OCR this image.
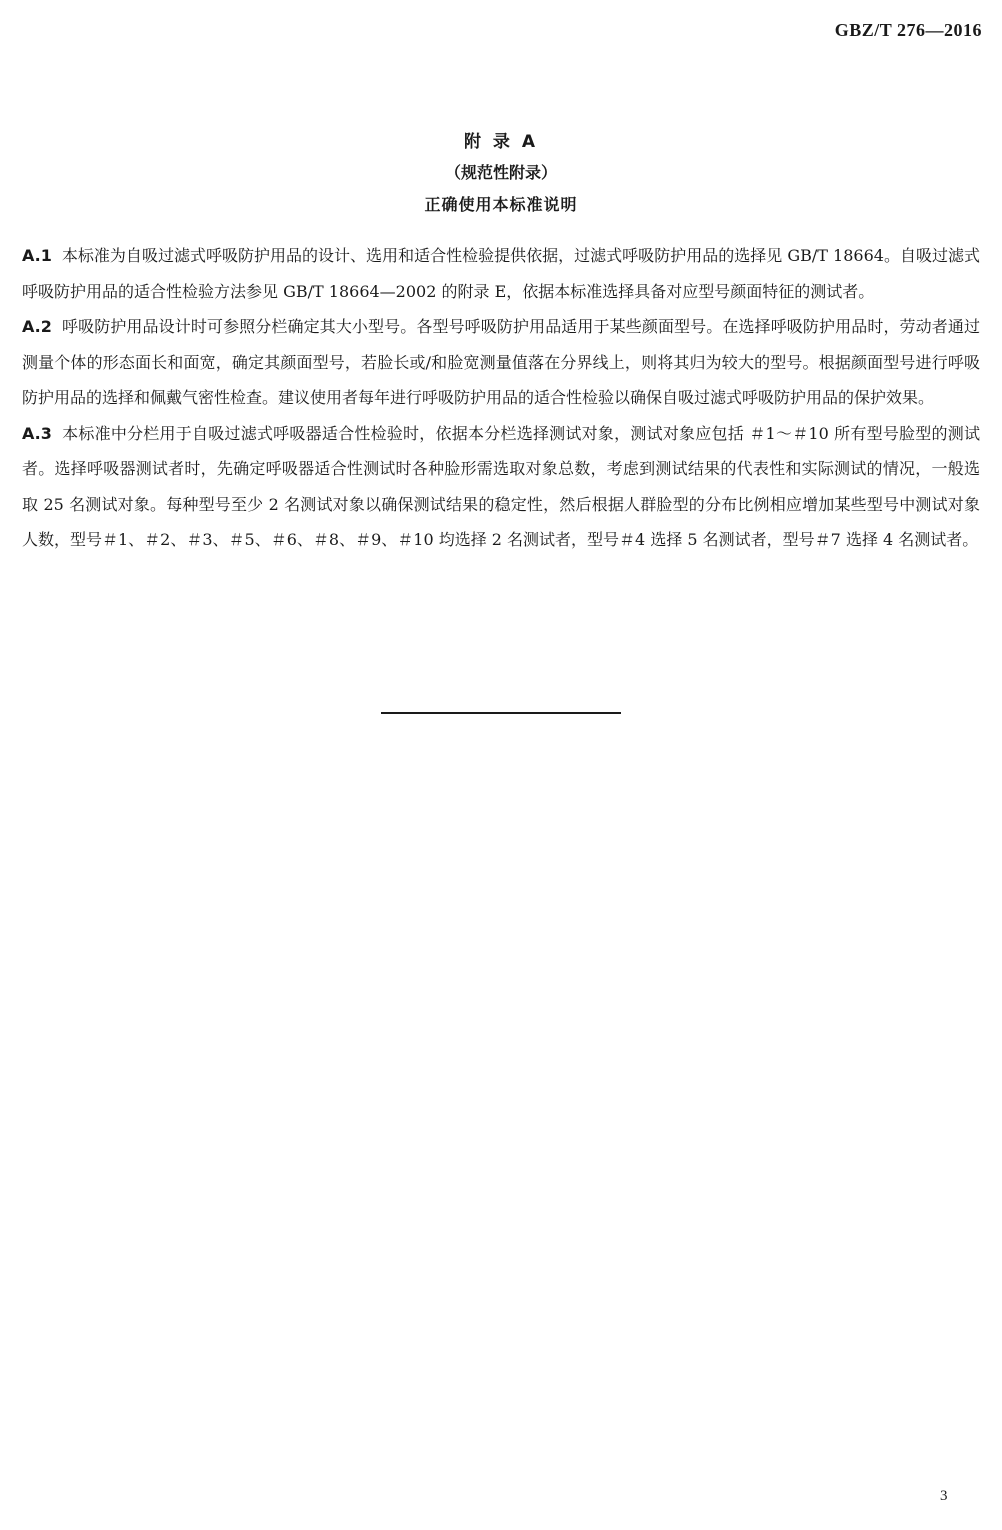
GBZ/T 276—2016
附 录 A
（规范性附录）
正确使用本标准说明

A.1 本标准为自吸过滤式呼吸防护用品的设计、选用和适合性检验提供依据，过滤式呼吸防护用品的选择见 GB/T 18664。自吸过滤式呼吸防护用品的适合性检验方法参见 GB/T 18664—2002 的附录 E，依据本标准选择具备对应型号颜面特征的测试者。

A.2 呼吸防护用品设计时可参照分栏确定其大小型号。各型号呼吸防护用品适用于某些颜面型号。在选择呼吸防护用品时，劳动者通过测量个体的形态面长和面宽，确定其颜面型号，若脸长或/和脸宽测量值落在分界线上，则将其归为较大的型号。根据颜面型号进行呼吸防护用品的选择和佩戴气密性检查。建议使用者每年进行呼吸防护用品的适合性检验以确保自吸过滤式呼吸防护用品的保护效果。

A.3 本标准中分栏用于自吸过滤式呼吸器适合性检验时，依据本分栏选择测试对象，测试对象应包括 ＃1～＃10 所有型号脸型的测试者。选择呼吸器测试者时，先确定呼吸器适合性测试时各种脸形需选取对象总数，考虑到测试结果的代表性和实际测试的情况，一般选取 25 名测试对象。每种型号至少 2 名测试对象以确保测试结果的稳定性，然后根据人群脸型的分布比例相应增加某些型号中测试对象人数，型号＃1、＃2、＃3、＃5、＃6、＃8、＃9、＃10 均选择 2 名测试者，型号＃4 选择 5 名测试者，型号＃7 选择 4 名测试者。

3
